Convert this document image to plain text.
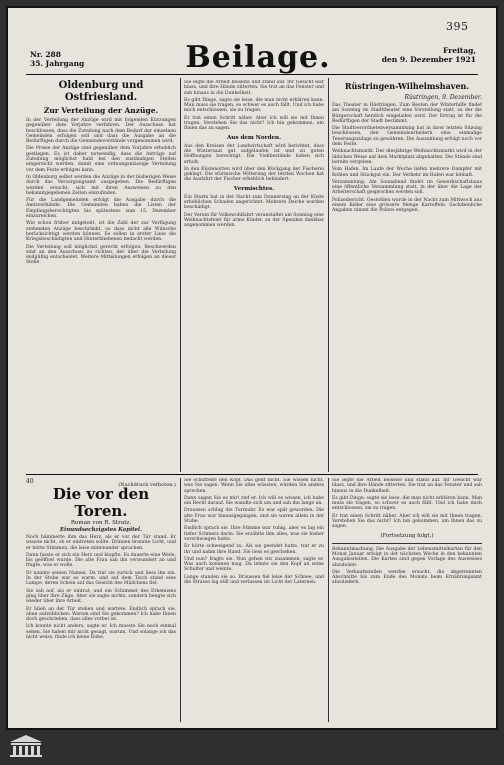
395
Nr. 288
35. Jahrgang	Beilage.	Freitag,
den 9. Dezember 1921
Oldenburg und Ostfriesland.
Zur Verteilung der Anzüge.

In der Verteilung der Anzüge wird mit folgenden Kürzungen gegenüber dem Vorjahre verfahren. Der Ausschuss hat beschlossen, dass die Zuteilung nach dem Bedarf der einzelnen Gemeinden erfolgen soll und dass die Ausgabe an die Bedürftigen durch die Gemeindevorstände vorgenommen wird.

Die Preise der Anzüge sind gegenüber dem Vorjahre erheblich gestiegen. Es ist daher notwendig, dass die Anträge auf Zuteilung möglichst bald bei den zuständigen Stellen eingereicht werden, damit eine ordnungsmässige Verteilung vor dem Feste erfolgen kann.

In Oldenburg selbst werden die Anzüge in der bisherigen Weise durch das Versorgungsamt ausgegeben. Die Bedürftigen werden ersucht, sich mit ihren Ausweisen zu den bekanntgegebenen Zeiten einzufinden.

Für die Landgemeinden erfolgt die Ausgabe durch die Amtsverbände. Die Gemeinden haben die Listen der Empfangsberechtigten bis spätestens zum 15. Dezember einzureichen.

Wie schon früher mitgeteilt, ist die Zahl der zur Verfügung stehenden Anzüge beschränkt, so dass nicht alle Wünsche berücksichtigt werden können. Es sollen in erster Linie die Kriegsbeschädigten und Hinterbliebenen bedacht werden.

Die Verteilung soll möglichst gerecht erfolgen. Beschwerden sind an den Ausschuss zu richten, der über die Verteilung endgültig entscheidet. Weitere Mitteilungen erfolgen an dieser Stelle.

Sie legte die Arbeit beiseite und stand auf. Ihr Gesicht war blass, und ihre Hände zitterten. Sie trat an das Fenster und sah hinaus in die Dunkelheit.

Es gibt Dinge, sagte sie leise, die man nicht erklären kann. Man muss sie tragen, so schwer es auch fällt. Und ich habe mich entschlossen, sie zu tragen.

Er trat einen Schritt näher. Aber ich will sie mit Ihnen tragen. Verstehen Sie das nicht? Ich bin gekommen, um Ihnen das zu sagen.

Aus dem Norden.

Aus den Kreisen der Landwirtschaft wird berichtet, dass die Wintersaat gut aufgelaufen ist und zu guten Hoffnungen berechtigt. Die Viehbestände haben sich erholt.

In den Küstenorten wird über den Rückgang der Fischerei geklagt. Die stürmische Witterung der letzten Wochen hat die Ausfahrt der Fischer erheblich behindert.

Vermischtes.

Ein Sturm hat in der Nacht zum Donnerstag an der Küste erheblichen Schaden angerichtet. Mehrere Deiche wurden beschädigt.

Der Verein für Volkswohlfahrt veranstaltet am Sonntag eine Weihnachtsfeier für arme Kinder, zu der Spenden dankbar angenommen werden.

Rüstringen-Wilhelmshaven.
Rüstringen, 9. Dezember.

Das Theater in Rüstringen. Zum Besten der Winterhilfe findet am Sonntag im Stadttheater eine Vorstellung statt, zu der die Bürgerschaft herzlich eingeladen wird. Der Ertrag ist für die Bedürftigen der Stadt bestimmt.

Die Stadtverordnetenversammlung hat in ihrer letzten Sitzung beschlossen, den Gemeindearbeitern eine einmalige Teuerungszulage zu gewähren. Die Auszahlung erfolgt noch vor dem Feste.

Weihnachtsmarkt. Der diesjährige Weihnachtsmarkt wird in der üblichen Weise auf dem Marktplatz abgehalten. Die Stände sind bereits vergeben.

Vom Hafen. Im Laufe der Woche liefen mehrere Dampfer mit Kohlen und Stückgut ein. Der Verkehr im Hafen war lebhaft.

Versammlung. Am Sonnabend findet im Gewerkschaftshaus eine öffentliche Versammlung statt, in der über die Lage der Arbeiterschaft gesprochen werden soll.

Polizeibericht. Gestohlen wurde in der Nacht zum Mittwoch aus einem Keller eine grössere Menge Kartoffeln. Sachdienliche Angaben nimmt die Polizei entgegen.

40	(Nachdruck verboten.)
Die vor den Toren.
Roman von R. Stratz.
Einundsechzigstes Kapitel.

Noch hämmerte ihm das Herz, als er vor der Tür stand. Er wusste nicht, ob er eintreten sollte. Drinnen brannte Licht, und er hörte Stimmen, die leise miteinander sprachen.

Dann fasste er sich ein Herz und klopfte. Es dauerte eine Weile, bis geöffnet wurde. Die alte Frau sah ihn verwundert an und fragte, was er wolle.

Er nannte seinen Namen. Da trat sie zurück und liess ihn ein. In der Stube war es warm, und auf dem Tisch stand eine Lampe, deren Schein auf das Gesicht des Mädchens fiel.

Sie sah auf, als er eintrat, und ein Schimmer des Erkennens ging über ihre Züge. Aber sie sagte nichts, sondern beugte sich wieder über ihre Arbeit.

Er blieb an der Tür stehen und wartete. Endlich sprach sie, ohne aufzublicken: Warum sind Sie gekommen? Ich habe Ihnen doch geschrieben, dass alles vorbei ist.

Ich konnte nicht anders, sagte er. Ich musste Sie noch einmal sehen. Sie haben mir nicht gesagt, warum. Und solange ich das nicht weiss, finde ich keine Ruhe.

Sie schüttelte den Kopf. Das geht nicht. Sie wissen nicht, was Sie sagen. Wenn Sie alles wüssten, würden Sie anders sprechen.

Dann sagen Sie es mir! rief er. Ich will es wissen, ich habe ein Recht darauf. Sie wandte sich um und sah ihn lange an.

Draussen schlug die Turmuhr. Es war spät geworden. Die alte Frau war hinausgegangen, und sie waren allein in der Stube.

Endlich sprach sie. Ihre Stimme war ruhig, aber es lag ein tiefer Schmerz darin. Sie erzählte ihm alles, was sie bisher verschwiegen hatte.

Er hörte schweigend zu. Als sie geendet hatte, trat er zu ihr und nahm ihre Hand. Sie liess es geschehen.

Und nun? fragte sie. Nun gehen wir zusammen, sagte er. Was auch kommen mag. Da lehnte sie den Kopf an seine Schulter und weinte.

Lange standen sie so. Draussen fiel leise der Schnee, und die Strasse lag still und verlassen im Licht der Laternen.

Sie legte die Arbeit beiseite und stand auf. Ihr Gesicht war blass, und ihre Hände zitterten. Sie trat an das Fenster und sah hinaus in die Dunkelheit.

Es gibt Dinge, sagte sie leise, die man nicht erklären kann. Man muss sie tragen, so schwer es auch fällt. Und ich habe mich entschlossen, sie zu tragen.

Er trat einen Schritt näher. Aber ich will sie mit Ihnen tragen. Verstehen Sie das nicht? Ich bin gekommen, um Ihnen das zu sagen.

(Fortsetzung folgt.)

Bekanntmachung. Die Ausgabe der Lebensmittelkarten für den Monat Januar erfolgt in der nächsten Woche in den bekannten Ausgabestellen. Die Karten sind gegen Vorlage des Ausweises abzuholen.

Die Verkaufsstellen werden ersucht, die abgetrennten Abschnitte bis zum Ende des Monats beim Ernährungsamt abzuliefern.
